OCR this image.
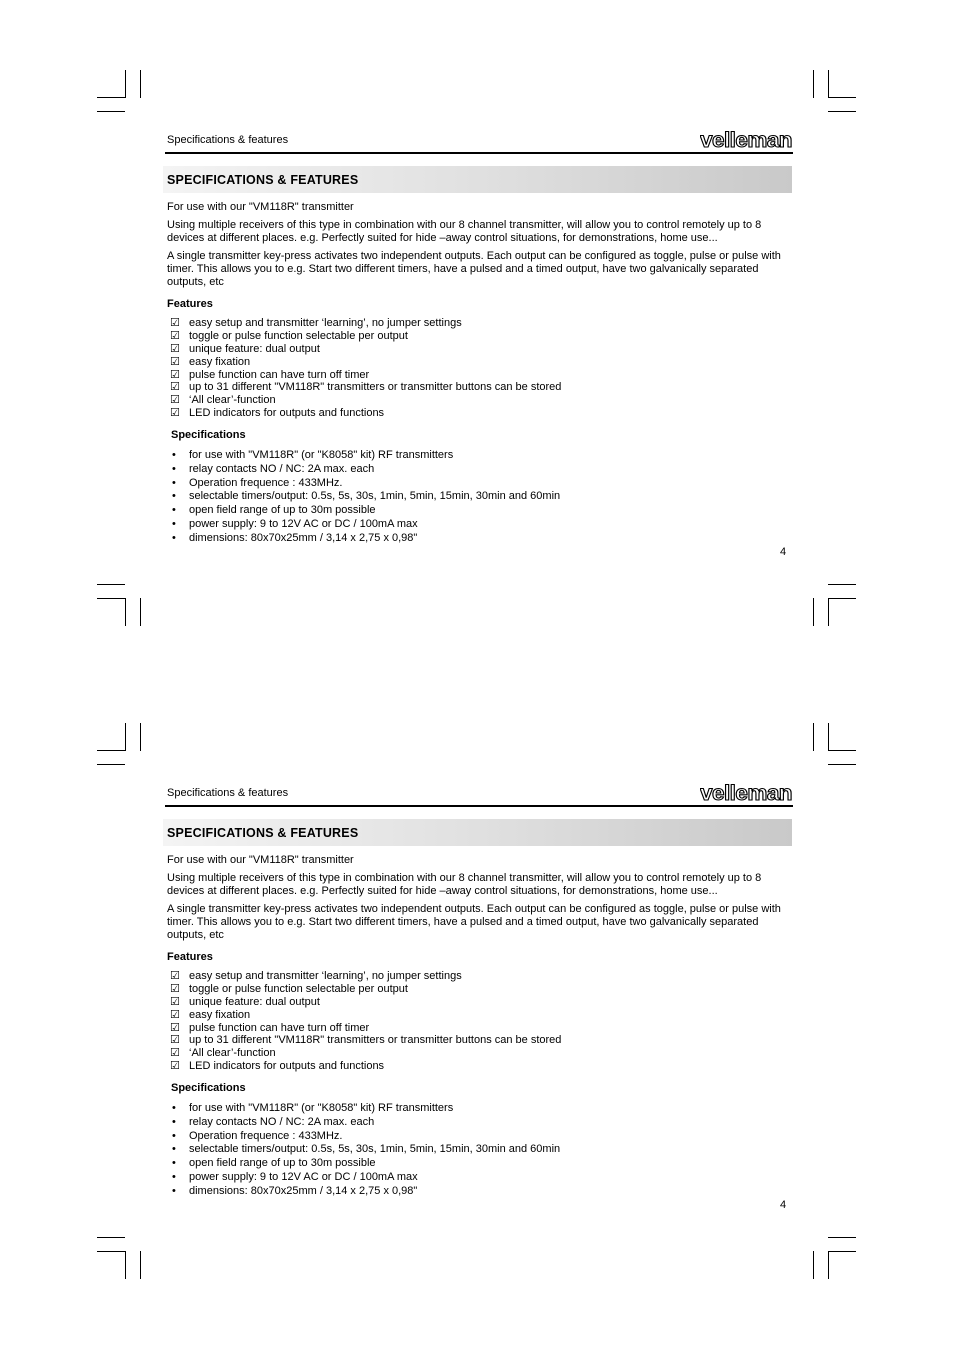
Specifications & features	velleman
SPECIFICATIONS & FEATURES
For use with our "VM118R" transmitter
Using multiple receivers of this type in combination with our 8 channel transmitter, will allow you to control remotely up to 8 devices at different places. e.g. Perfectly suited for hide –away control situations, for demonstrations, home use...
A single transmitter key-press activates two independent outputs. Each output can be configured as toggle, pulse or pulse with timer. This allows you to e.g. Start two different timers, have a pulsed and a timed output, have two galvanically separated outputs, etc
Features
☑ easy setup and transmitter ‘learning’, no jumper settings
☑ toggle or pulse function selectable per output
☑ unique feature: dual output
☑ easy fixation
☑ pulse function can have turn off timer
☑ up to 31 different "VM118R" transmitters or transmitter buttons can be stored
☑ ‘All clear’-function
☑ LED indicators for outputs and functions
Specifications
• for use with "VM118R" (or "K8058" kit) RF transmitters
• relay contacts NO / NC: 2A max. each
• Operation frequence : 433MHz.
• selectable timers/output: 0.5s, 5s, 30s, 1min, 5min, 15min, 30min and 60min
• open field range of up to 30m possible
• power supply: 9 to 12V AC or DC / 100mA max
• dimensions: 80x70x25mm / 3,14 x 2,75 x 0,98"
4
Specifications & features	velleman
SPECIFICATIONS & FEATURES
For use with our "VM118R" transmitter
Using multiple receivers of this type in combination with our 8 channel transmitter, will allow you to control remotely up to 8 devices at different places. e.g. Perfectly suited for hide –away control situations, for demonstrations, home use...
A single transmitter key-press activates two independent outputs. Each output can be configured as toggle, pulse or pulse with timer. This allows you to e.g. Start two different timers, have a pulsed and a timed output, have two galvanically separated outputs, etc
Features
☑ easy setup and transmitter ‘learning’, no jumper settings
☑ toggle or pulse function selectable per output
☑ unique feature: dual output
☑ easy fixation
☑ pulse function can have turn off timer
☑ up to 31 different "VM118R" transmitters or transmitter buttons can be stored
☑ ‘All clear’-function
☑ LED indicators for outputs and functions
Specifications
• for use with "VM118R" (or "K8058" kit) RF transmitters
• relay contacts NO / NC: 2A max. each
• Operation frequence : 433MHz.
• selectable timers/output: 0.5s, 5s, 30s, 1min, 5min, 15min, 30min and 60min
• open field range of up to 30m possible
• power supply: 9 to 12V AC or DC / 100mA max
• dimensions: 80x70x25mm / 3,14 x 2,75 x 0,98"
4
